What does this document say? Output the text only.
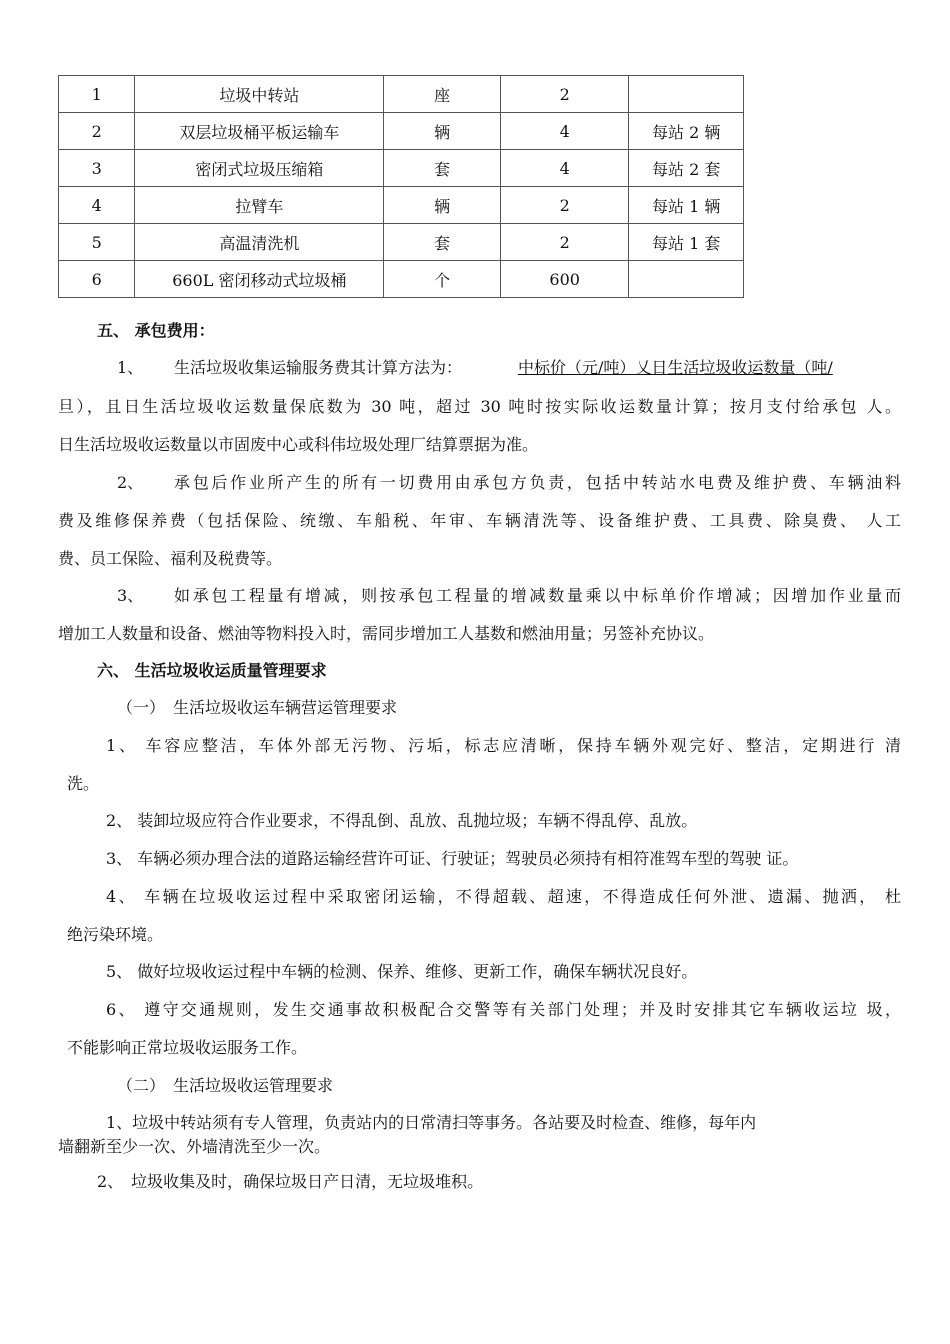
1	垃圾中转站	座	2	
2	双层垃圾桶平板运输车	辆	4	每站 2 辆
3	密闭式垃圾压缩箱	套	4	每站 2 套
4	拉臂车	辆	2	每站 1 辆
5	高温清洗机	套	2	每站 1 套
6	660L 密闭移动式垃圾桶	个	600	
五、 承包费用：
1、 生活垃圾收集运输服务费其计算方法为：	中标价（元/吨）乂日生活垃圾收运数量（吨/
旦），且日生活垃圾收运数量保底数为 30 吨，超过 30 吨时按实际收运数量计算；按月支付给承包 人。
日生活垃圾收运数量以市固废中心或科伟垃圾处理厂结算票据为准。
2、 承包后作业所产生的所有一切费用由承包方负责，包括中转站水电费及维护费、车辆油料
费及维修保养费（包括保险、统缴、车船税、年审、车辆清洗等、设备维护费、工具费、除臭费、 人工
费、员工保险、福利及税费等。
3、 如承包工程量有增减，则按承包工程量的增减数量乘以中标单价作增减；因增加作业量而
增加工人数量和设备、燃油等物料投入时，需同步增加工人基数和燃油用量；另签补充协议。
六、 生活垃圾收运质量管理要求
（一）　生活垃圾收运车辆营运管理要求
1、 车容应整洁，车体外部无污物、污垢，标志应清晰，保持车辆外观完好、整洁，定期进行 清
洗。
2、 装卸垃圾应符合作业要求，不得乱倒、乱放、乱抛垃圾；车辆不得乱停、乱放。
3、 车辆必须办理合法的道路运输经营许可证、行驶证；驾驶员必须持有相符准驾车型的驾驶 证。
4、 车辆在垃圾收运过程中采取密闭运输，不得超载、超速，不得造成任何外泄、遗漏、抛洒， 杜
绝污染环境。
5、 做好垃圾收运过程中车辆的检测、保养、维修、更新工作，确保车辆状况良好。
6、 遵守交通规则，发生交通事故积极配合交警等有关部门处理；并及时安排其它车辆收运垃 圾，
不能影响正常垃圾收运服务工作。
（二）　生活垃圾收运管理要求
1、垃圾中转站须有专人管理，负责站内的日常清扫等事务。各站要及时检查、维修，每年内
墙翻新至少一次、外墙清洗至少一次。
2、　垃圾收集及时，确保垃圾日产日清，无垃圾堆积。
